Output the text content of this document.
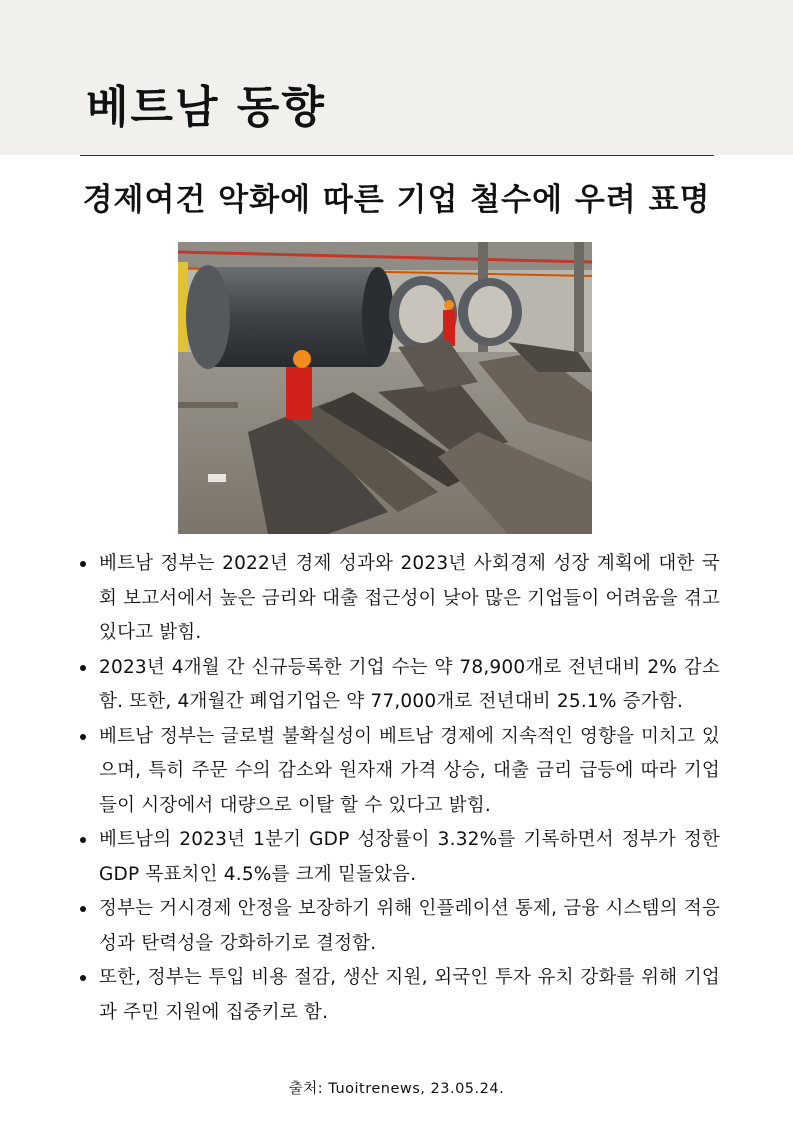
베트남 동향
경제여건 악화에 따른 기업 철수에 우려 표명
베트남 정부는 2022년 경제 성과와 2023년 사회경제 성장 계획에 대한 국회 보고서에서 높은 금리와 대출 접근성이 낮아 많은 기업들이 어려움을 겪고 있다고 밝힘.
2023년 4개월 간 신규등록한 기업 수는 약 78,900개로 전년대비 2% 감소함. 또한, 4개월간 폐업기업은 약 77,000개로 전년대비 25.1% 증가함.
베트남 정부는 글로벌 불확실성이 베트남 경제에 지속적인 영향을 미치고 있으며, 특히 주문 수의 감소와 원자재 가격 상승, 대출 금리 급등에 따라 기업들이 시장에서 대량으로 이탈 할 수 있다고 밝힘.
베트남의 2023년 1분기 GDP 성장률이 3.32%를 기록하면서 정부가 정한 GDP 목표치인 4.5%를 크게 밑돌았음.
정부는 거시경제 안정을 보장하기 위해 인플레이션 통제, 금융 시스템의 적응성과 탄력성을 강화하기로 결정함.
또한, 정부는 투입 비용 절감, 생산 지원, 외국인 투자 유치 강화를 위해 기업과 주민 지원에 집중키로 함.
출처: Tuoitrenews, 23.05.24.
